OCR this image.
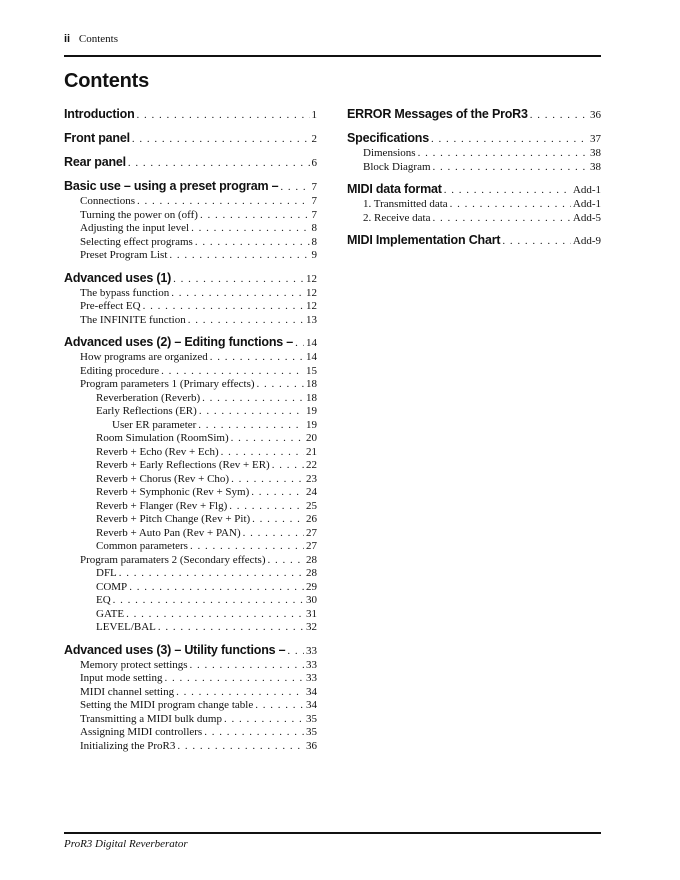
ii Contents
Contents
Introduction . . .	1
Front panel . . .	2
Rear panel . . .	6
Basic use – using a preset program – . . .	7
Connections . . .	7
Turning the power on (off) . . .	7
Adjusting the input level . . .	8
Selecting effect programs . . .	8
Preset Program List . . .	9
Advanced uses (1) . . .	12
The bypass function . . .	12
Pre-effect EQ . . .	12
The INFINITE function . . .	13
Advanced uses (2) – Editing functions – . . . 14
How programs are organized . . .	14
Editing procedure . . .	15
Program parameters 1 (Primary effects) . . .	18
Reverberation (Reverb) . . .	18
Early Reflections (ER) . . .	19
User ER parameter . . .	19
Room Simulation (RoomSim) . . .	20
Reverb + Echo (Rev + Ech) . . .	21
Reverb + Early Reflections (Rev + ER) . . .	22
Reverb + Chorus (Rev + Cho) . . .	23
Reverb + Symphonic (Rev + Sym) . . .	24
Reverb + Flanger (Rev + Flg) . . .	25
Reverb + Pitch Change (Rev + Pit) . . .	26
Reverb + Auto Pan (Rev + PAN) . . .	27
Common parameters . . .	27
Program paramaters 2 (Secondary effects) . . .	28
DFL . . .	28
COMP . . .	29
EQ . . .	30
GATE . . .	31
LEVEL/BAL . . .	32
Advanced uses (3) – Utility functions – . . . 33
Memory protect settings . . .	33
Input mode setting . . .	33
MIDI channel setting . . .	34
Setting the MIDI program change table . . .	34
Transmitting a MIDI bulk dump . . .	35
Assigning MIDI controllers . . .	35
Initializing the ProR3 . . .	36
ERROR Messages of the ProR3 . . .	36
Specifications . . .	37
Dimensions . . .	38
Block Diagram . . .	38
MIDI data format . . .	Add-1
1. Transmitted data . . .	Add-1
2. Receive data . . .	Add-5
MIDI Implementation Chart . . .	Add-9
ProR3 Digital Reverberator
